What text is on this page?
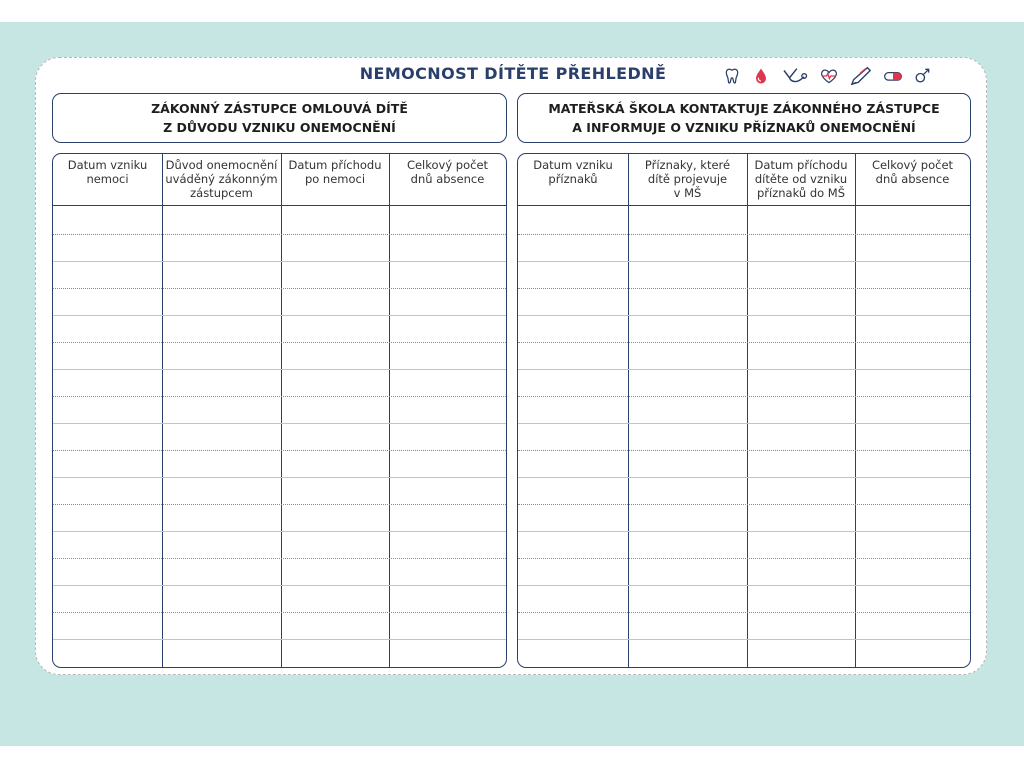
NEMOCNOST DÍTĚTE PŘEHLEDNĚ
ZÁKONNÝ ZÁSTUPCE OMLOUVÁ DÍTĚ
Z DŮVODU VZNIKU ONEMOCNĚNÍ
MATEŘSKÁ ŠKOLA KONTAKTUJE ZÁKONNÉHO ZÁSTUPCE
A INFORMUJE O VZNIKU PŘÍZNAKŮ ONEMOCNĚNÍ
Datum vzniku
nemoci
Důvod onemocnění
uváděný zákonným
zástupcem
Datum příchodu
po nemoci
Celkový počet
dnů absence
Datum vzniku
příznaků
Příznaky, které
dítě projevuje
v MŠ
Datum příchodu
dítěte od vzniku
příznaků do MŠ
Celkový počet
dnů absence
